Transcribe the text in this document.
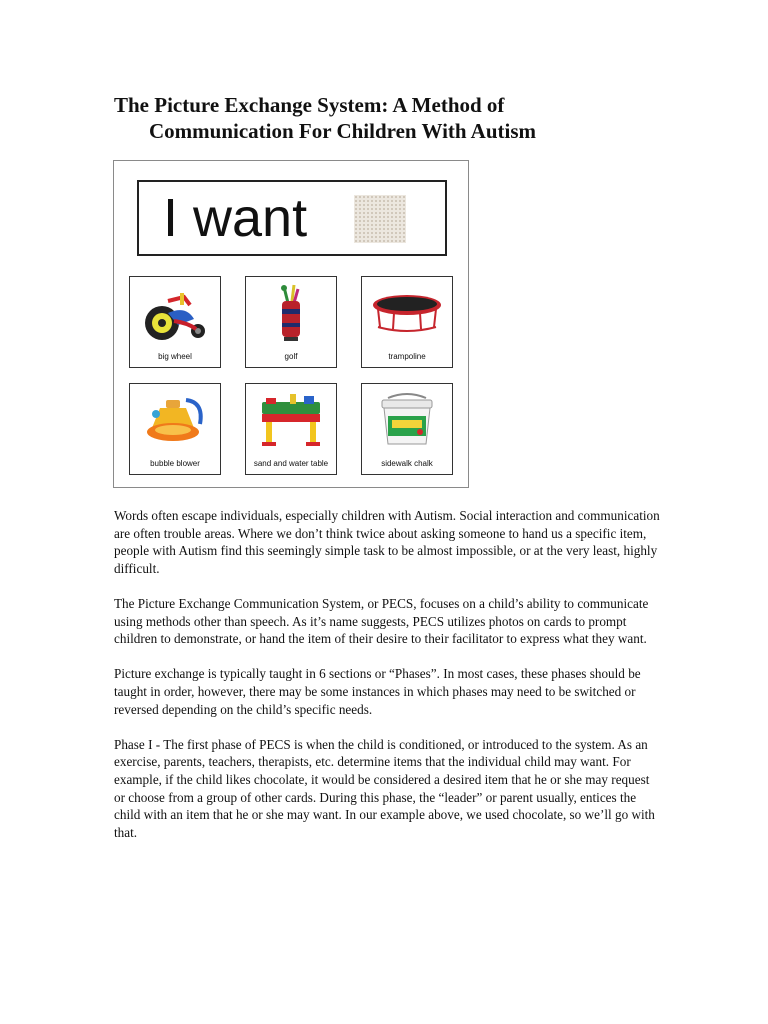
The Picture Exchange System: A Method of
Communication For Children With Autism
I want
big wheel	golf	trampoline
bubble blower	sand and water table	sidewalk chalk

Words often escape individuals, especially children with Autism. Social interaction and communication are often trouble areas. Where we don’t think twice about asking someone to hand us a specific item, people with Autism find this seemingly simple task to be almost impossible, or at the very least, highly difficult.

The Picture Exchange Communication System, or PECS, focuses on a child’s ability to communicate using methods other than speech. As it’s name suggests, PECS utilizes photos on cards to prompt children to demonstrate, or hand the item of their desire to their facilitator to express what they want.

Picture exchange is typically taught in 6 sections or “Phases”. In most cases, these phases should be taught in order, however, there may be some instances in which phases may need to be switched or reversed depending on the child’s specific needs.

Phase I - The first phase of PECS is when the child is conditioned, or introduced to the system. As an exercise, parents, teachers, therapists, etc. determine items that the individual child may want. For example, if the child likes chocolate, it would be considered a desired item that he or she may request or choose from a group of other cards. During this phase, the “leader” or parent usually, entices the child with an item that he or she may want. In our example above, we used chocolate, so we’ll go with that.
